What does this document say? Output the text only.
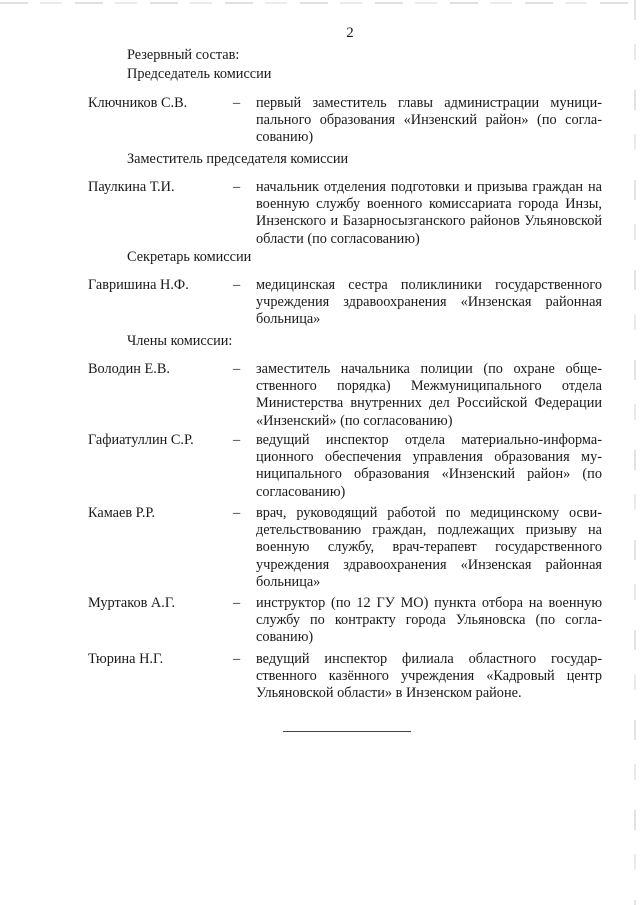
2
Резервный состав:
Председатель комиссии
Ключников С.В.	– первый заместитель главы администрации муниципального образования «Инзенский район» (по согласованию)
Заместитель председателя комиссии
Паулкина Т.И.	– начальник отделения подготовки и призыва граждан на военную службу военного комиссариата города Инзы, Инзенского и Базарносызганского районов Ульяновской области (по согласованию)
Секретарь комиссии
Гавришина Н.Ф.	– медицинская сестра поликлиники государственного учреждения здравоохранения «Инзенская районная больница»
Члены комиссии:
Володин Е.В.	– заместитель начальника полиции (по охране общественного порядка) Межмуниципального отдела Министерства внутренних дел Российской Федерации «Инзенский» (по согласованию)
Гафиатуллин С.Р.	– ведущий инспектор отдела материально-информационного обеспечения управления образования муниципального образования «Инзенский район» (по согласованию)
Камаев Р.Р.	– врач, руководящий работой по медицинскому освидетельствованию граждан, подлежащих призыву на военную службу, врач-терапевт государственного учреждения здравоохранения «Инзенская районная больница»
Муртаков А.Г.	– инструктор (по 12 ГУ МО) пункта отбора на военную службу по контракту города Ульяновска (по согласованию)
Тюрина Н.Г.	– ведущий инспектор филиала областного государственного казённого учреждения «Кадровый центр Ульяновской области» в Инзенском районе.
